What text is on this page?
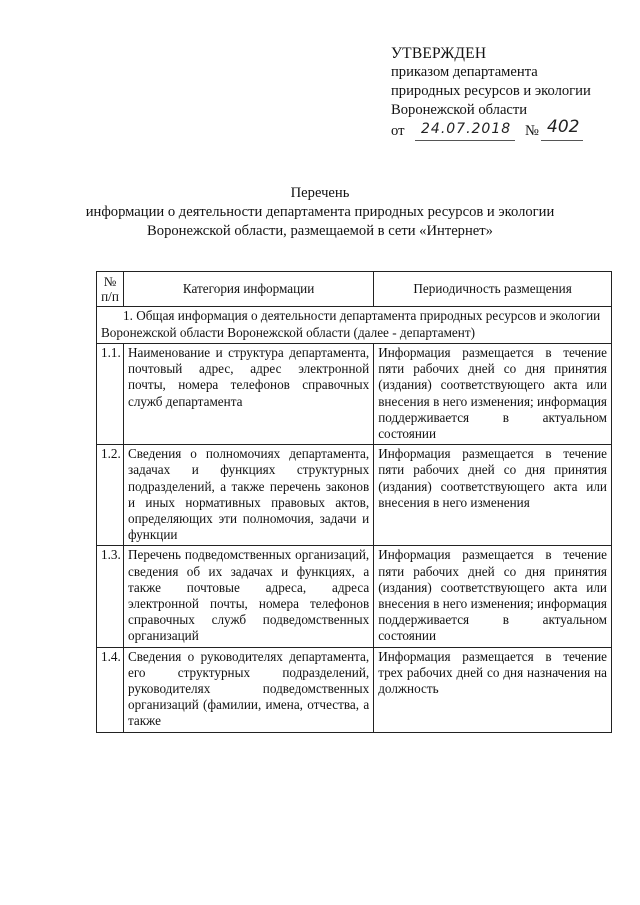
УТВЕРЖДЕН
приказом департамента
природных ресурсов и экологии
Воронежской области
от 24.07.2018 № 402
Перечень
информации о деятельности департамента природных ресурсов и экологии
Воронежской области, размещаемой в сети «Интернет»
№ п/п	Категория информации	Периодичность размещения
1. Общая информация о деятельности департамента природных ресурсов и экологии Воронежской области Воронежской области (далее - департамент)		
1.1.	Наименование и структура департамента, почтовый адрес, адрес электронной почты, номера телефонов справочных служб департамента	Информация размещается в течение пяти рабочих дней со дня принятия (издания) соответствующего акта или внесения в него изменения; информация поддерживается в актуальном состоянии
1.2.	Сведения о полномочиях департамента, задачах и функциях структурных подразделений, а также перечень законов и иных нормативных правовых актов, определяющих эти полномочия, задачи и функции	Информация размещается в течение пяти рабочих дней со дня принятия (издания) соответствующего акта или внесения в него изменения
1.3.	Перечень подведомственных организаций, сведения об их задачах и функциях, а также почтовые адреса, адреса электронной почты, номера телефонов справочных служб подведомственных организаций	Информация размещается в течение пяти рабочих дней со дня принятия (издания) соответствующего акта или внесения в него изменения; информация поддерживается в актуальном состоянии
1.4.	Сведения о руководителях департамента, его структурных подразделений, руководителях подведомственных организаций (фамилии, имена, отчества, а также	Информация размещается в течение трех рабочих дней со дня назначения на должность
